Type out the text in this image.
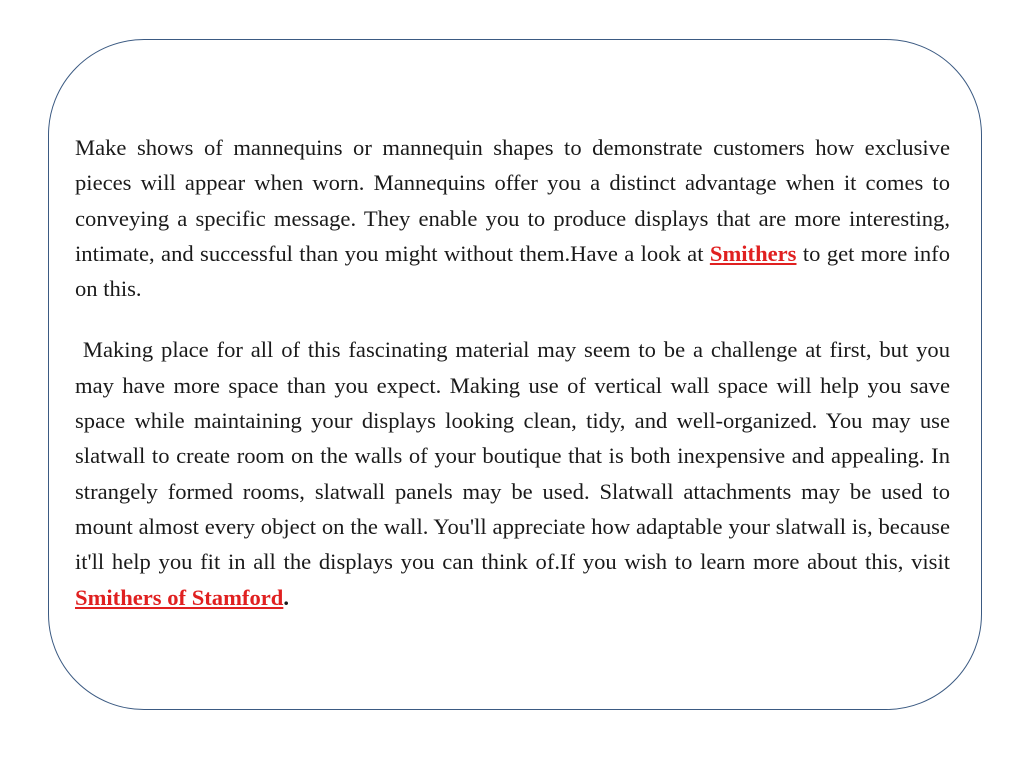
Make shows of mannequins or mannequin shapes to demonstrate customers how exclusive pieces will appear when worn. Mannequins offer you a distinct advantage when it comes to conveying a specific message. They enable you to produce displays that are more interesting, intimate, and successful than you might without them.Have a look at Smithers to get more info on this.

Making place for all of this fascinating material may seem to be a challenge at first, but you may have more space than you expect. Making use of vertical wall space will help you save space while maintaining your displays looking clean, tidy, and well-organized. You may use slatwall to create room on the walls of your boutique that is both inexpensive and appealing. In strangely formed rooms, slatwall panels may be used. Slatwall attachments may be used to mount almost every object on the wall. You'll appreciate how adaptable your slatwall is, because it'll help you fit in all the displays you can think of.If you wish to learn more about this, visit Smithers of Stamford.
